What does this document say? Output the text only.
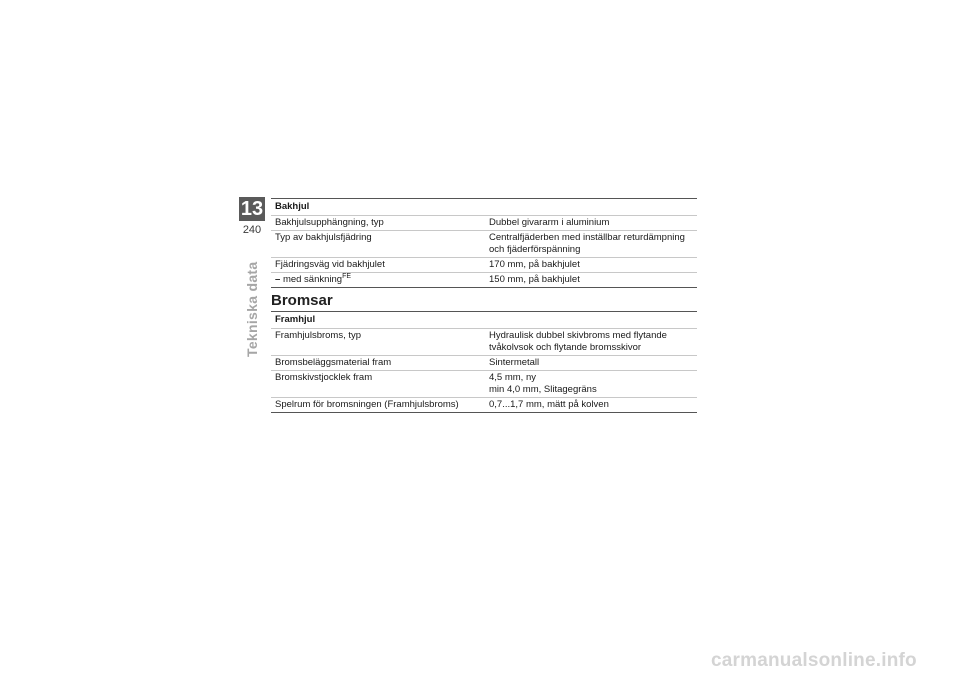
13
240
Tekniska data
Bakhjul	
Bakhjulsupphängning, typ	Dubbel givararm i aluminium
Typ av bakhjulsfjädring	Centralfjäderben med inställbar returdämpning och fjäderförspänning
Fjädringsväg vid bakhjulet	170 mm, på bakhjulet
– med sänkning$^{FE}$	150 mm, på bakhjulet
Bromsar
Framhjul	
Framhjulsbroms, typ	Hydraulisk dubbel skivbroms med flytande
tvåkolvsok och flytande bromsskivor

Bromsbeläggsmaterial fram	Sintermetall

Bromskivstjocklek fram	4,5 mm, ny
min 4,0 mm, Slitagegräns

Spelrum för bromsningen (Framhjulsbroms)	0,7...1,7 mm, mätt på kolven
carmanualsonline.info
